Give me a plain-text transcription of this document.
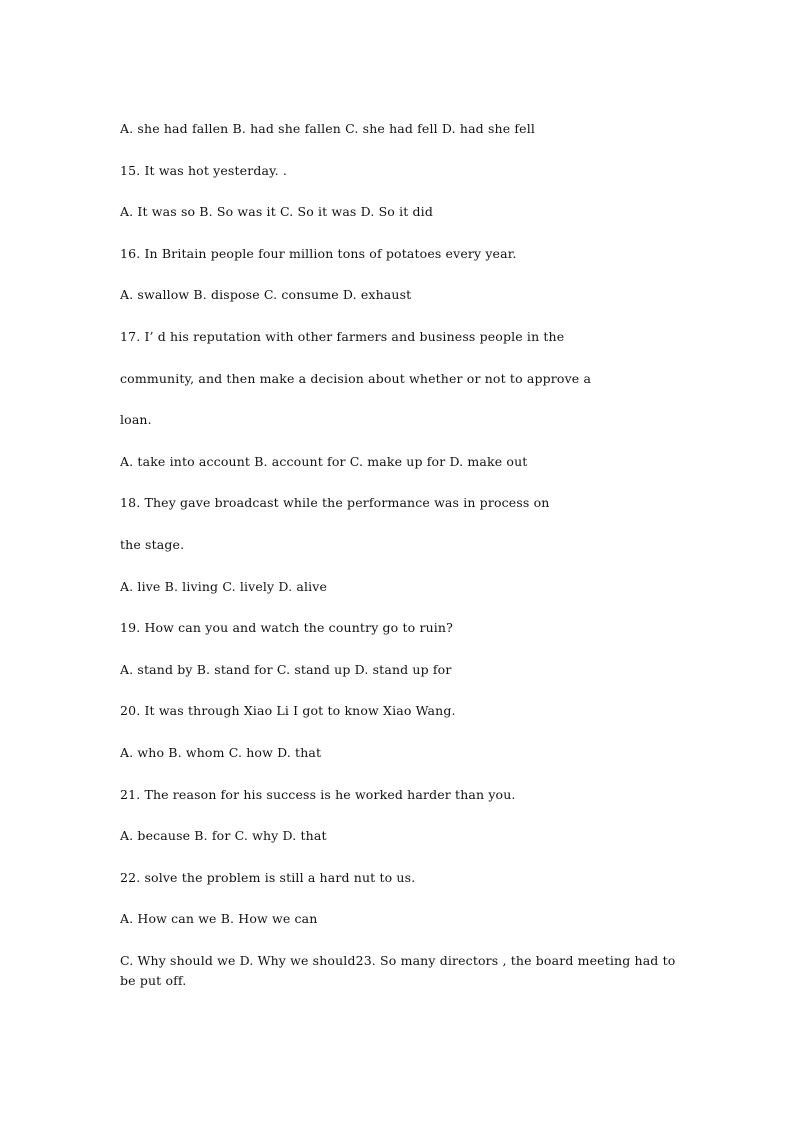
A. she had fallen B. had she fallen C. she had fell D. had she fell
15. It was hot yesterday. .
A. It was so B. So was it C. So it was D. So it did
16. In Britain people four million tons of potatoes every year.
A. swallow B. dispose C. consume D. exhaust
17. I’ d his reputation with other farmers and business people in the
community, and then make a decision about whether or not to approve a
loan.
A. take into account B. account for C. make up for D. make out
18. They gave broadcast while the performance was in process on
the stage.
A. live B. living C. lively D. alive
19. How can you and watch the country go to ruin?
A. stand by B. stand for C. stand up D. stand up for
20. It was through Xiao Li I got to know Xiao Wang.
A. who B. whom C. how D. that
21. The reason for his success is he worked harder than you.
A. because B. for C. why D. that
22. solve the problem is still a hard nut to us.
A. How can we B. How we can
C. Why should we D. Why we should23. So many directors , the board meeting had to be put off.
